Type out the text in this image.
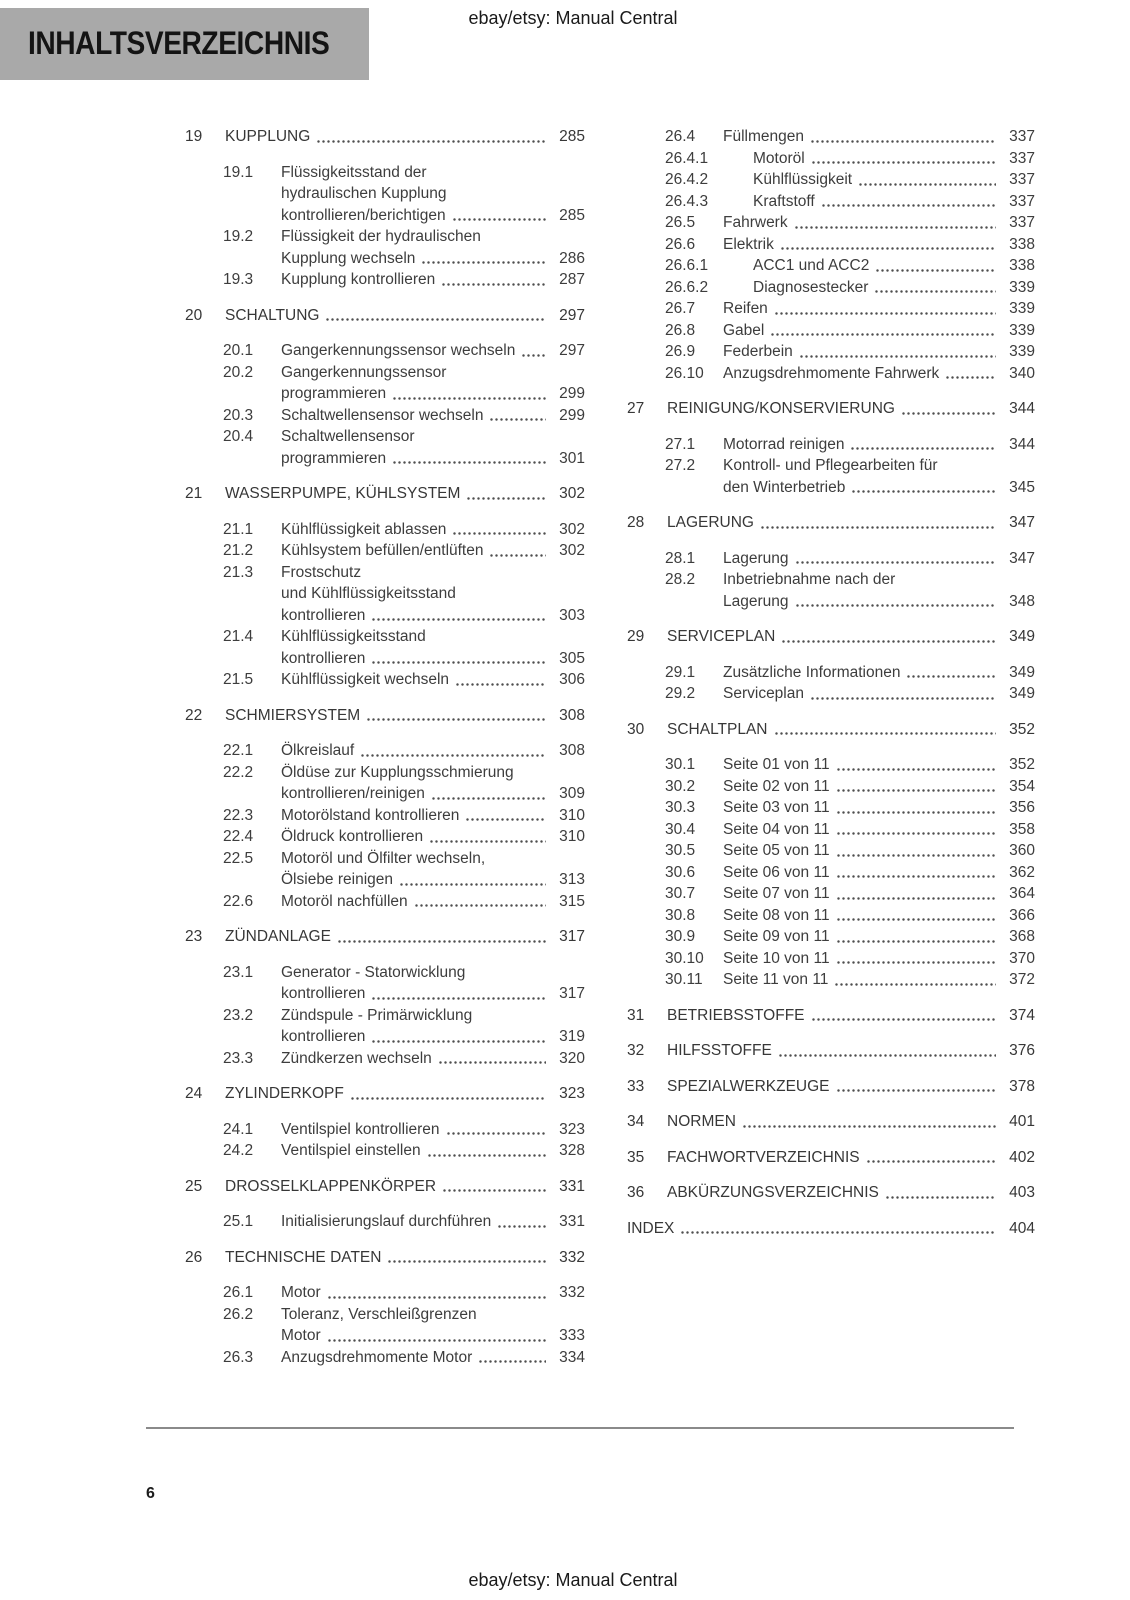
INHALTSVERZEICHNIS
ebay/etsy: Manual Central
19	KUPPLUNG	285
19.1	Flüssigkeitsstand der
hydraulischen Kupplung
kontrollieren/berichtigen	285
19.2	Flüssigkeit der hydraulischen
Kupplung wechseln	286
19.3	Kupplung kontrollieren	287
20	SCHALTUNG	297
20.1	Gangerkennungssensor wechseln	297
20.2	Gangerkennungssensor
programmieren	299
20.3	Schaltwellensensor wechseln	299
20.4	Schaltwellensensor
programmieren	301
21	WASSERPUMPE, KÜHLSYSTEM	302
21.1	Kühlflüssigkeit ablassen	302
21.2	Kühlsystem befüllen/entlüften	302
21.3	Frostschutz
und Kühlflüssigkeitsstand
kontrollieren	303
21.4	Kühlflüssigkeitsstand
kontrollieren	305
21.5	Kühlflüssigkeit wechseln	306
22	SCHMIERSYSTEM	308
22.1	Ölkreislauf	308
22.2	Öldüse zur Kupplungsschmierung
kontrollieren/reinigen	309
22.3	Motorölstand kontrollieren	310
22.4	Öldruck kontrollieren	310
22.5	Motoröl und Ölfilter wechseln,
Ölsiebe reinigen	313
22.6	Motoröl nachfüllen	315
23	ZÜNDANLAGE	317
23.1	Generator - Statorwicklung
kontrollieren	317
23.2	Zündspule - Primärwicklung
kontrollieren	319
23.3	Zündkerzen wechseln	320
24	ZYLINDERKOPF	323
24.1	Ventilspiel kontrollieren	323
24.2	Ventilspiel einstellen	328
25	DROSSELKLAPPENKÖRPER	331
25.1	Initialisierungslauf durchführen	331
26	TECHNISCHE DATEN	332
26.1	Motor	332
26.2	Toleranz, Verschleißgrenzen
Motor	333
26.3	Anzugsdrehmomente Motor	334
26.4	Füllmengen	337
26.4.1	Motoröl	337
26.4.2	Kühlflüssigkeit	337
26.4.3	Kraftstoff	337
26.5	Fahrwerk	337
26.6	Elektrik	338
26.6.1	ACC1 und ACC2	338
26.6.2	Diagnosestecker	339
26.7	Reifen	339
26.8	Gabel	339
26.9	Federbein	339
26.10	Anzugsdrehmomente Fahrwerk	340
27	REINIGUNG/KONSERVIERUNG	344
27.1	Motorrad reinigen	344
27.2	Kontroll- und Pflegearbeiten für
den Winterbetrieb	345
28	LAGERUNG	347
28.1	Lagerung	347
28.2	Inbetriebnahme nach der
Lagerung	348
29	SERVICEPLAN	349
29.1	Zusätzliche Informationen	349
29.2	Serviceplan	349
30	SCHALTPLAN	352
30.1	Seite 01 von 11	352
30.2	Seite 02 von 11	354
30.3	Seite 03 von 11	356
30.4	Seite 04 von 11	358
30.5	Seite 05 von 11	360
30.6	Seite 06 von 11	362
30.7	Seite 07 von 11	364
30.8	Seite 08 von 11	366
30.9	Seite 09 von 11	368
30.10	Seite 10 von 11	370
30.11	Seite 11 von 11	372
31	BETRIEBSSTOFFE	374
32	HILFSSTOFFE	376
33	SPEZIALWERKZEUGE	378
34	NORMEN	401
35	FACHWORTVERZEICHNIS	402
36	ABKÜRZUNGSVERZEICHNIS	403
INDEX	404
6
ebay/etsy: Manual Central
